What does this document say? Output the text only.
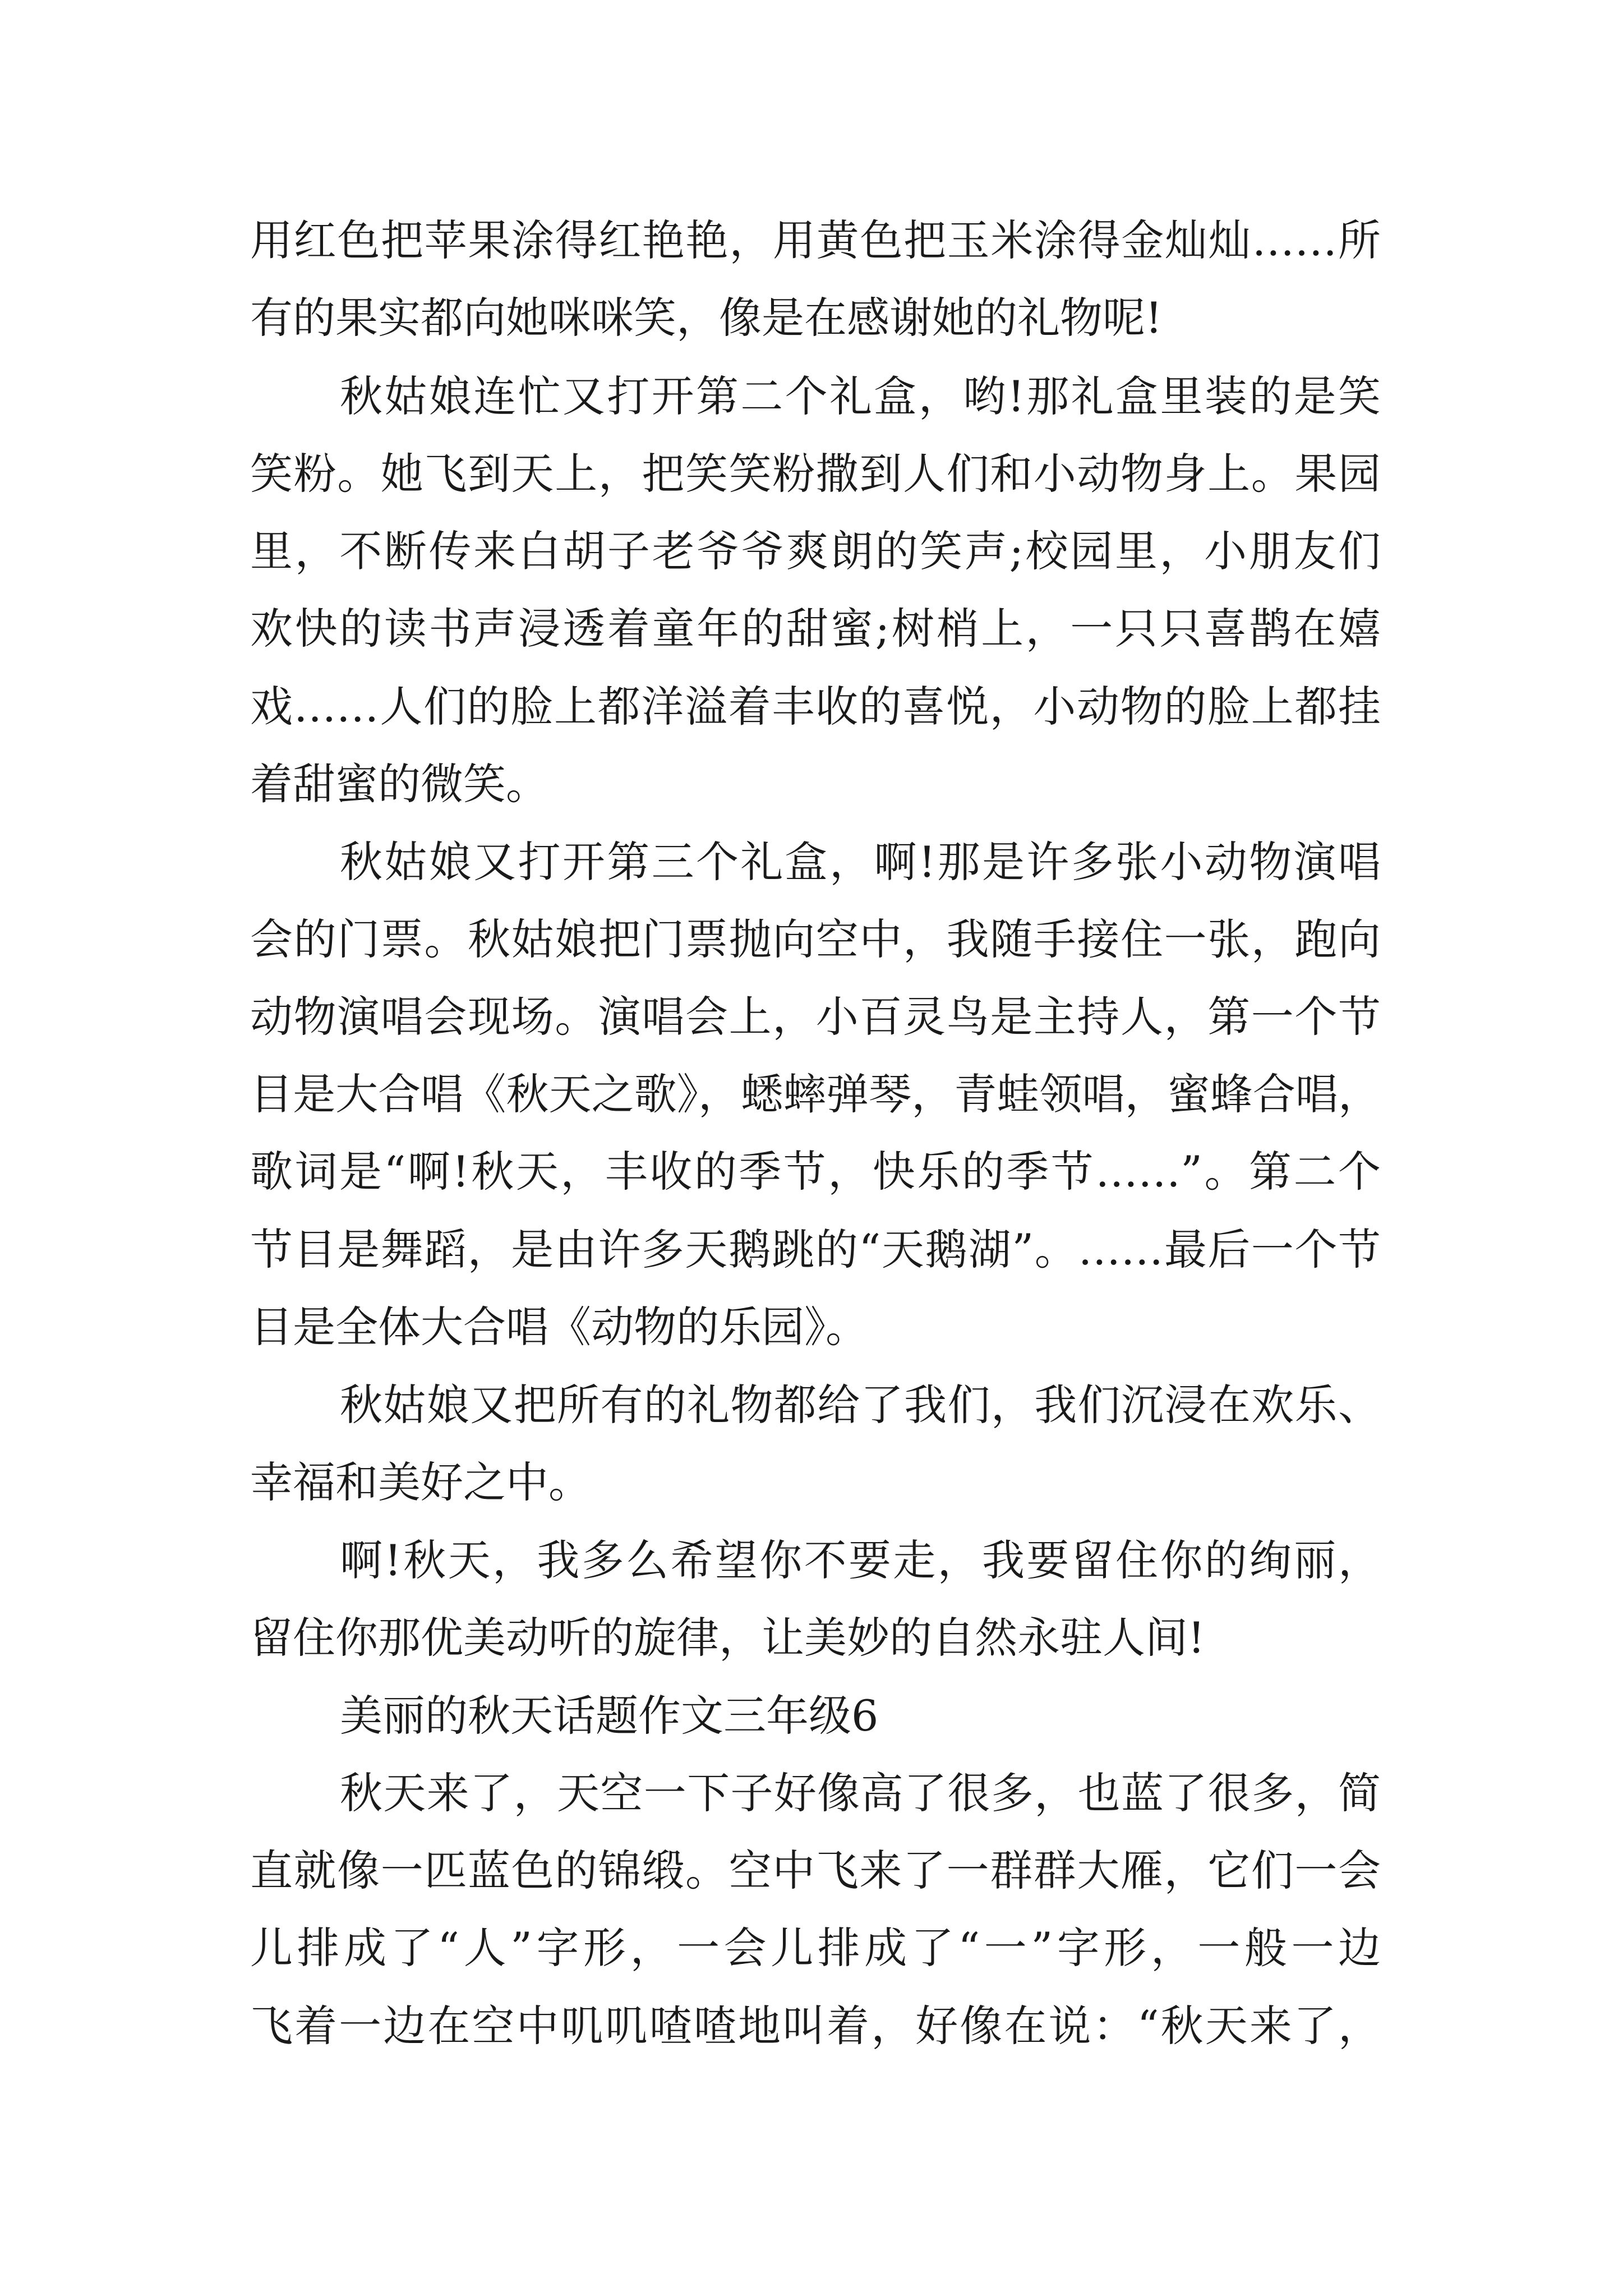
用红色把苹果涂得红艳艳，用黄色把玉米涂得金灿灿……所

有的果实都向她咪咪笑，像是在感谢她的礼物呢!

秋姑娘连忙又打开第二个礼盒，哟!那礼盒里装的是笑

笑粉。她飞到天上，把笑笑粉撒到人们和小动物身上。果园

里，不断传来白胡子老爷爷爽朗的笑声;校园里，小朋友们

欢快的读书声浸透着童年的甜蜜;树梢上，一只只喜鹊在嬉

戏……人们的脸上都洋溢着丰收的喜悦，小动物的脸上都挂

着甜蜜的微笑。

秋姑娘又打开第三个礼盒，啊!那是许多张小动物演唱

会的门票。秋姑娘把门票抛向空中，我随手接住一张，跑向

动物演唱会现场。演唱会上，小百灵鸟是主持人，第一个节

目是大合唱《秋天之歌》，蟋蟀弹琴，青蛙领唱，蜜蜂合唱，

歌词是“啊!秋天，丰收的季节，快乐的季节……”。第二个

节目是舞蹈，是由许多天鹅跳的“天鹅湖”。……最后一个节

目是全体大合唱《动物的乐园》。

秋姑娘又把所有的礼物都给了我们，我们沉浸在欢乐、

幸福和美好之中。

啊!秋天，我多么希望你不要走，我要留住你的绚丽，

留住你那优美动听的旋律，让美妙的自然永驻人间!

美丽的秋天话题作文三年级6

秋天来了，天空一下子好像高了很多，也蓝了很多，简

直就像一匹蓝色的锦缎。空中飞来了一群群大雁，它们一会

儿排成了“人”字形，一会儿排成了“一”字形，一般一边

飞着一边在空中叽叽喳喳地叫着，好像在说：“秋天来了，
